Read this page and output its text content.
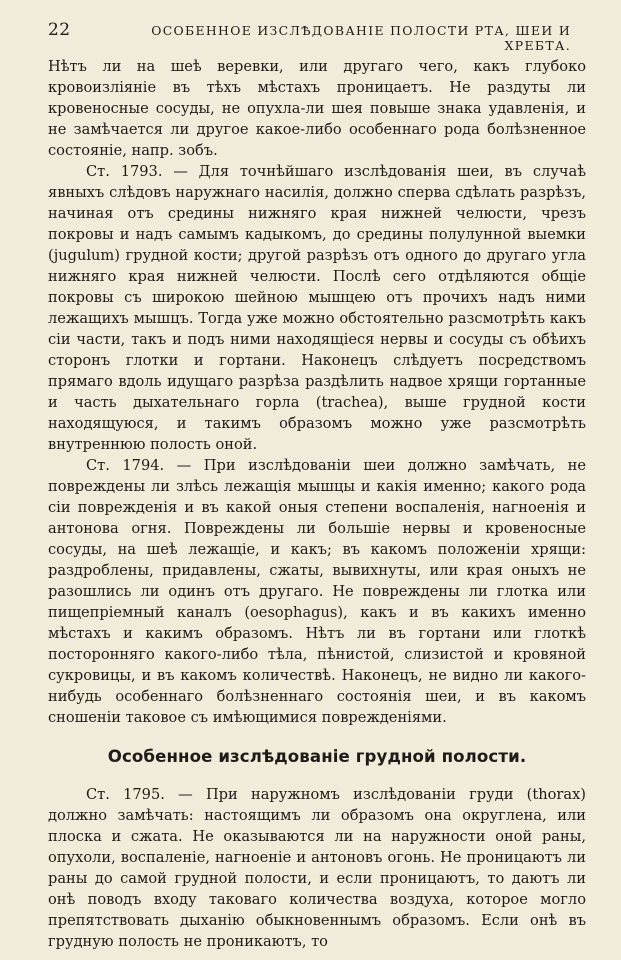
22	ОСОБЕННОЕ ИЗСЛѢДОВАНІЕ ПОЛОСТИ РТА, ШЕИ И ХРЕБТА.

Нѣтъ ли на шеѣ веревки, или другаго чего, какъ глубоко кровоизліяніе въ тѣхъ мѣстахъ проницаетъ. Не раздуты ли кровеносные сосуды, не опухла-ли шея повыше знака удавленія, и не замѣчается ли другое какое-либо особеннаго рода болѣзненное состояніе, напр. зобъ.

Ст. 1793. — Для точнѣйшаго изслѣдованія шеи, въ случаѣ явныхъ слѣдовъ наружнаго насилія, должно сперва сдѣлать разрѣзъ, начиная отъ средины нижняго края нижней челюсти, чрезъ покровы и надъ самымъ кадыкомъ, до средины полулунной выемки (jugulum) грудной кости; другой разрѣзъ отъ одного до другаго угла нижняго края нижней челюсти. Послѣ сего отдѣляются общіе покровы съ широкою шейною мышцею отъ прочихъ надъ ними лежащихъ мышцъ. Тогда уже можно обстоятельно разсмотрѣть какъ сіи части, такъ и подъ ними находящіеся нервы и сосуды съ обѣихъ сторонъ глотки и гортани. Наконецъ слѣдуетъ посредствомъ прямаго вдоль идущаго разрѣза раздѣлить надвое хрящи гортанные и часть дыхательнаго горла (trachea), выше грудной кости находящуюся, и такимъ образомъ можно уже разсмотрѣть внутреннюю полость оной.

Ст. 1794. — При изслѣдованіи шеи должно замѣчать, не повреждены ли злѣсь лежащія мышцы и какія именно; какого рода сіи поврежденія и въ какой оныя степени воспаленія, нагноенія и антонова огня. Повреждены ли большіе нервы и кровеносные сосуды, на шеѣ лежащіе, и какъ; въ какомъ положеніи хрящи: раздроблены, придавлены, сжаты, вывихнуты, или края оныхъ не разошлись ли одинъ отъ другаго. Не повреждены ли глотка или пищепріемный каналъ (oesophagus), какъ и въ какихъ именно мѣстахъ и какимъ образомъ. Нѣтъ ли въ гортани или глоткѣ посторонняго какого-либо тѣла, пѣнистой, слизистой и кровяной сукровицы, и въ какомъ количествѣ. Наконецъ, не видно ли какого-нибудь особеннаго болѣзненнаго состоянія шеи, и въ какомъ сношеніи таковое съ имѣющимися поврежденіями.

Особенное изслѣдованіе грудной полости.

Ст. 1795. — При наружномъ изслѣдованіи груди (thorax) должно замѣчать: настоящимъ ли образомъ она округлена, или плоска и сжата. Не оказываются ли на наружности оной раны, опухоли, воспаленіе, нагноеніе и антоновъ огонь. Не проницаютъ ли раны до самой грудной полости, и если проницаютъ, то даютъ ли онѣ поводъ входу таковаго количества воздуха, которое могло препятствовать дыханію обыкновеннымъ образомъ. Если онѣ въ грудную полость не проникаютъ, то
